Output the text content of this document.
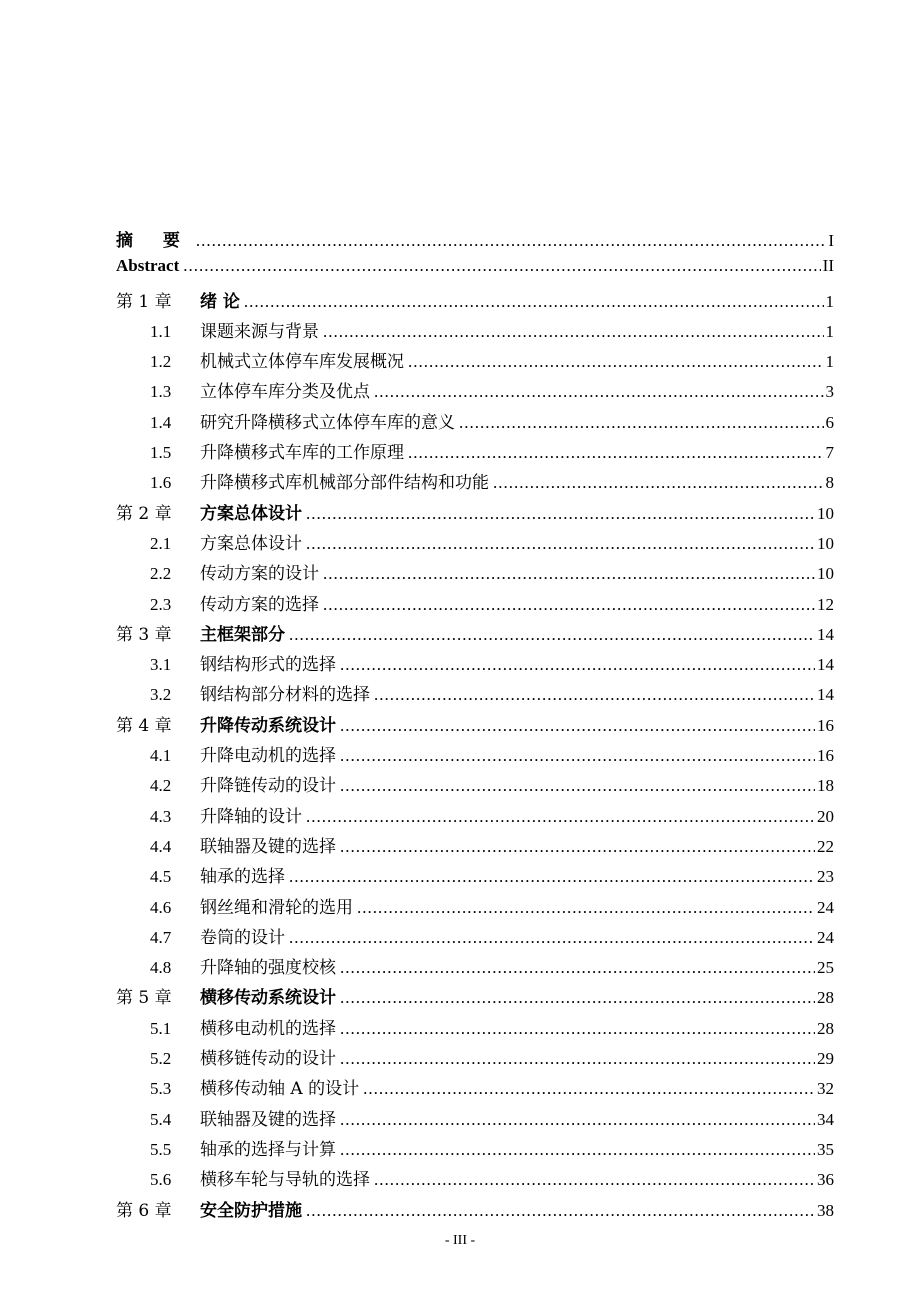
摘 要 .....	I
Abstract .....	II
第 1 章	绪 论 .....	1
1.1	课题来源与背景 .....	1
1.2	机械式立体停车库发展概况 .....	1
1.3	立体停车库分类及优点 .....	3
1.4	研究升降横移式立体停车库的意义 .....	6
1.5	升降横移式车库的工作原理 .....	7
1.6	升降横移式库机械部分部件结构和功能 .....	8
第 2 章	方案总体设计 .....	10
2.1	方案总体设计 .....	10
2.2	传动方案的设计 .....	10
2.3	传动方案的选择 .....	12
第 3 章	主框架部分 .....	14
3.1	钢结构形式的选择 .....	14
3.2	钢结构部分材料的选择 .....	14
第 4 章	升降传动系统设计 .....	16
4.1	升降电动机的选择 .....	16
4.2	升降链传动的设计 .....	18
4.3	升降轴的设计 .....	20
4.4	联轴器及键的选择 .....	22
4.5	轴承的选择 .....	23
4.6	钢丝绳和滑轮的选用 .....	24
4.7	卷筒的设计 .....	24
4.8	升降轴的强度校核 .....	25
第 5 章	横移传动系统设计 .....	28
5.1	横移电动机的选择 .....	28
5.2	横移链传动的设计 .....	29
5.3	横移传动轴 A 的设计 .....	32
5.4	联轴器及键的选择 .....	34
5.5	轴承的选择与计算 .....	35
5.6	横移车轮与导轨的选择 .....	36
第 6 章	安全防护措施 .....	38
- III -
